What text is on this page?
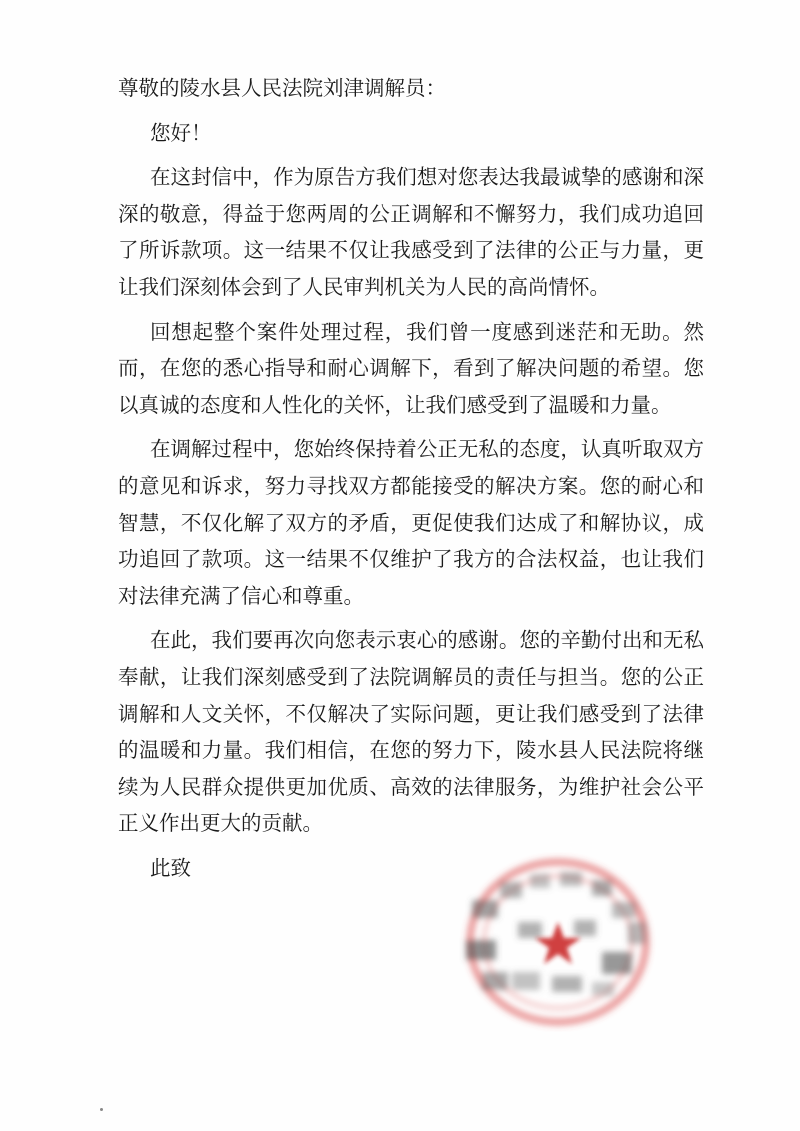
尊敬的陵水县人民法院刘津调解员：

您好！

在这封信中，作为原告方我们想对您表达我最诚挚的感谢和深深的敬意，得益于您两周的公正调解和不懈努力，我们成功追回了所诉款项。这一结果不仅让我感受到了法律的公正与力量，更让我们深刻体会到了人民审判机关为人民的高尚情怀。

回想起整个案件处理过程，我们曾一度感到迷茫和无助。然而，在您的悉心指导和耐心调解下，看到了解决问题的希望。您以真诚的态度和人性化的关怀，让我们感受到了温暖和力量。

在调解过程中，您始终保持着公正无私的态度，认真听取双方的意见和诉求，努力寻找双方都能接受的解决方案。您的耐心和智慧，不仅化解了双方的矛盾，更促使我们达成了和解协议，成功追回了款项。这一结果不仅维护了我方的合法权益，也让我们对法律充满了信心和尊重。

在此，我们要再次向您表示衷心的感谢。您的辛勤付出和无私奉献，让我们深刻感受到了法院调解员的责任与担当。您的公正调解和人文关怀，不仅解决了实际问题，更让我们感受到了法律的温暖和力量。我们相信，在您的努力下，陵水县人民法院将继续为人民群众提供更加优质、高效的法律服务，为维护社会公平正义作出更大的贡献。

此致
